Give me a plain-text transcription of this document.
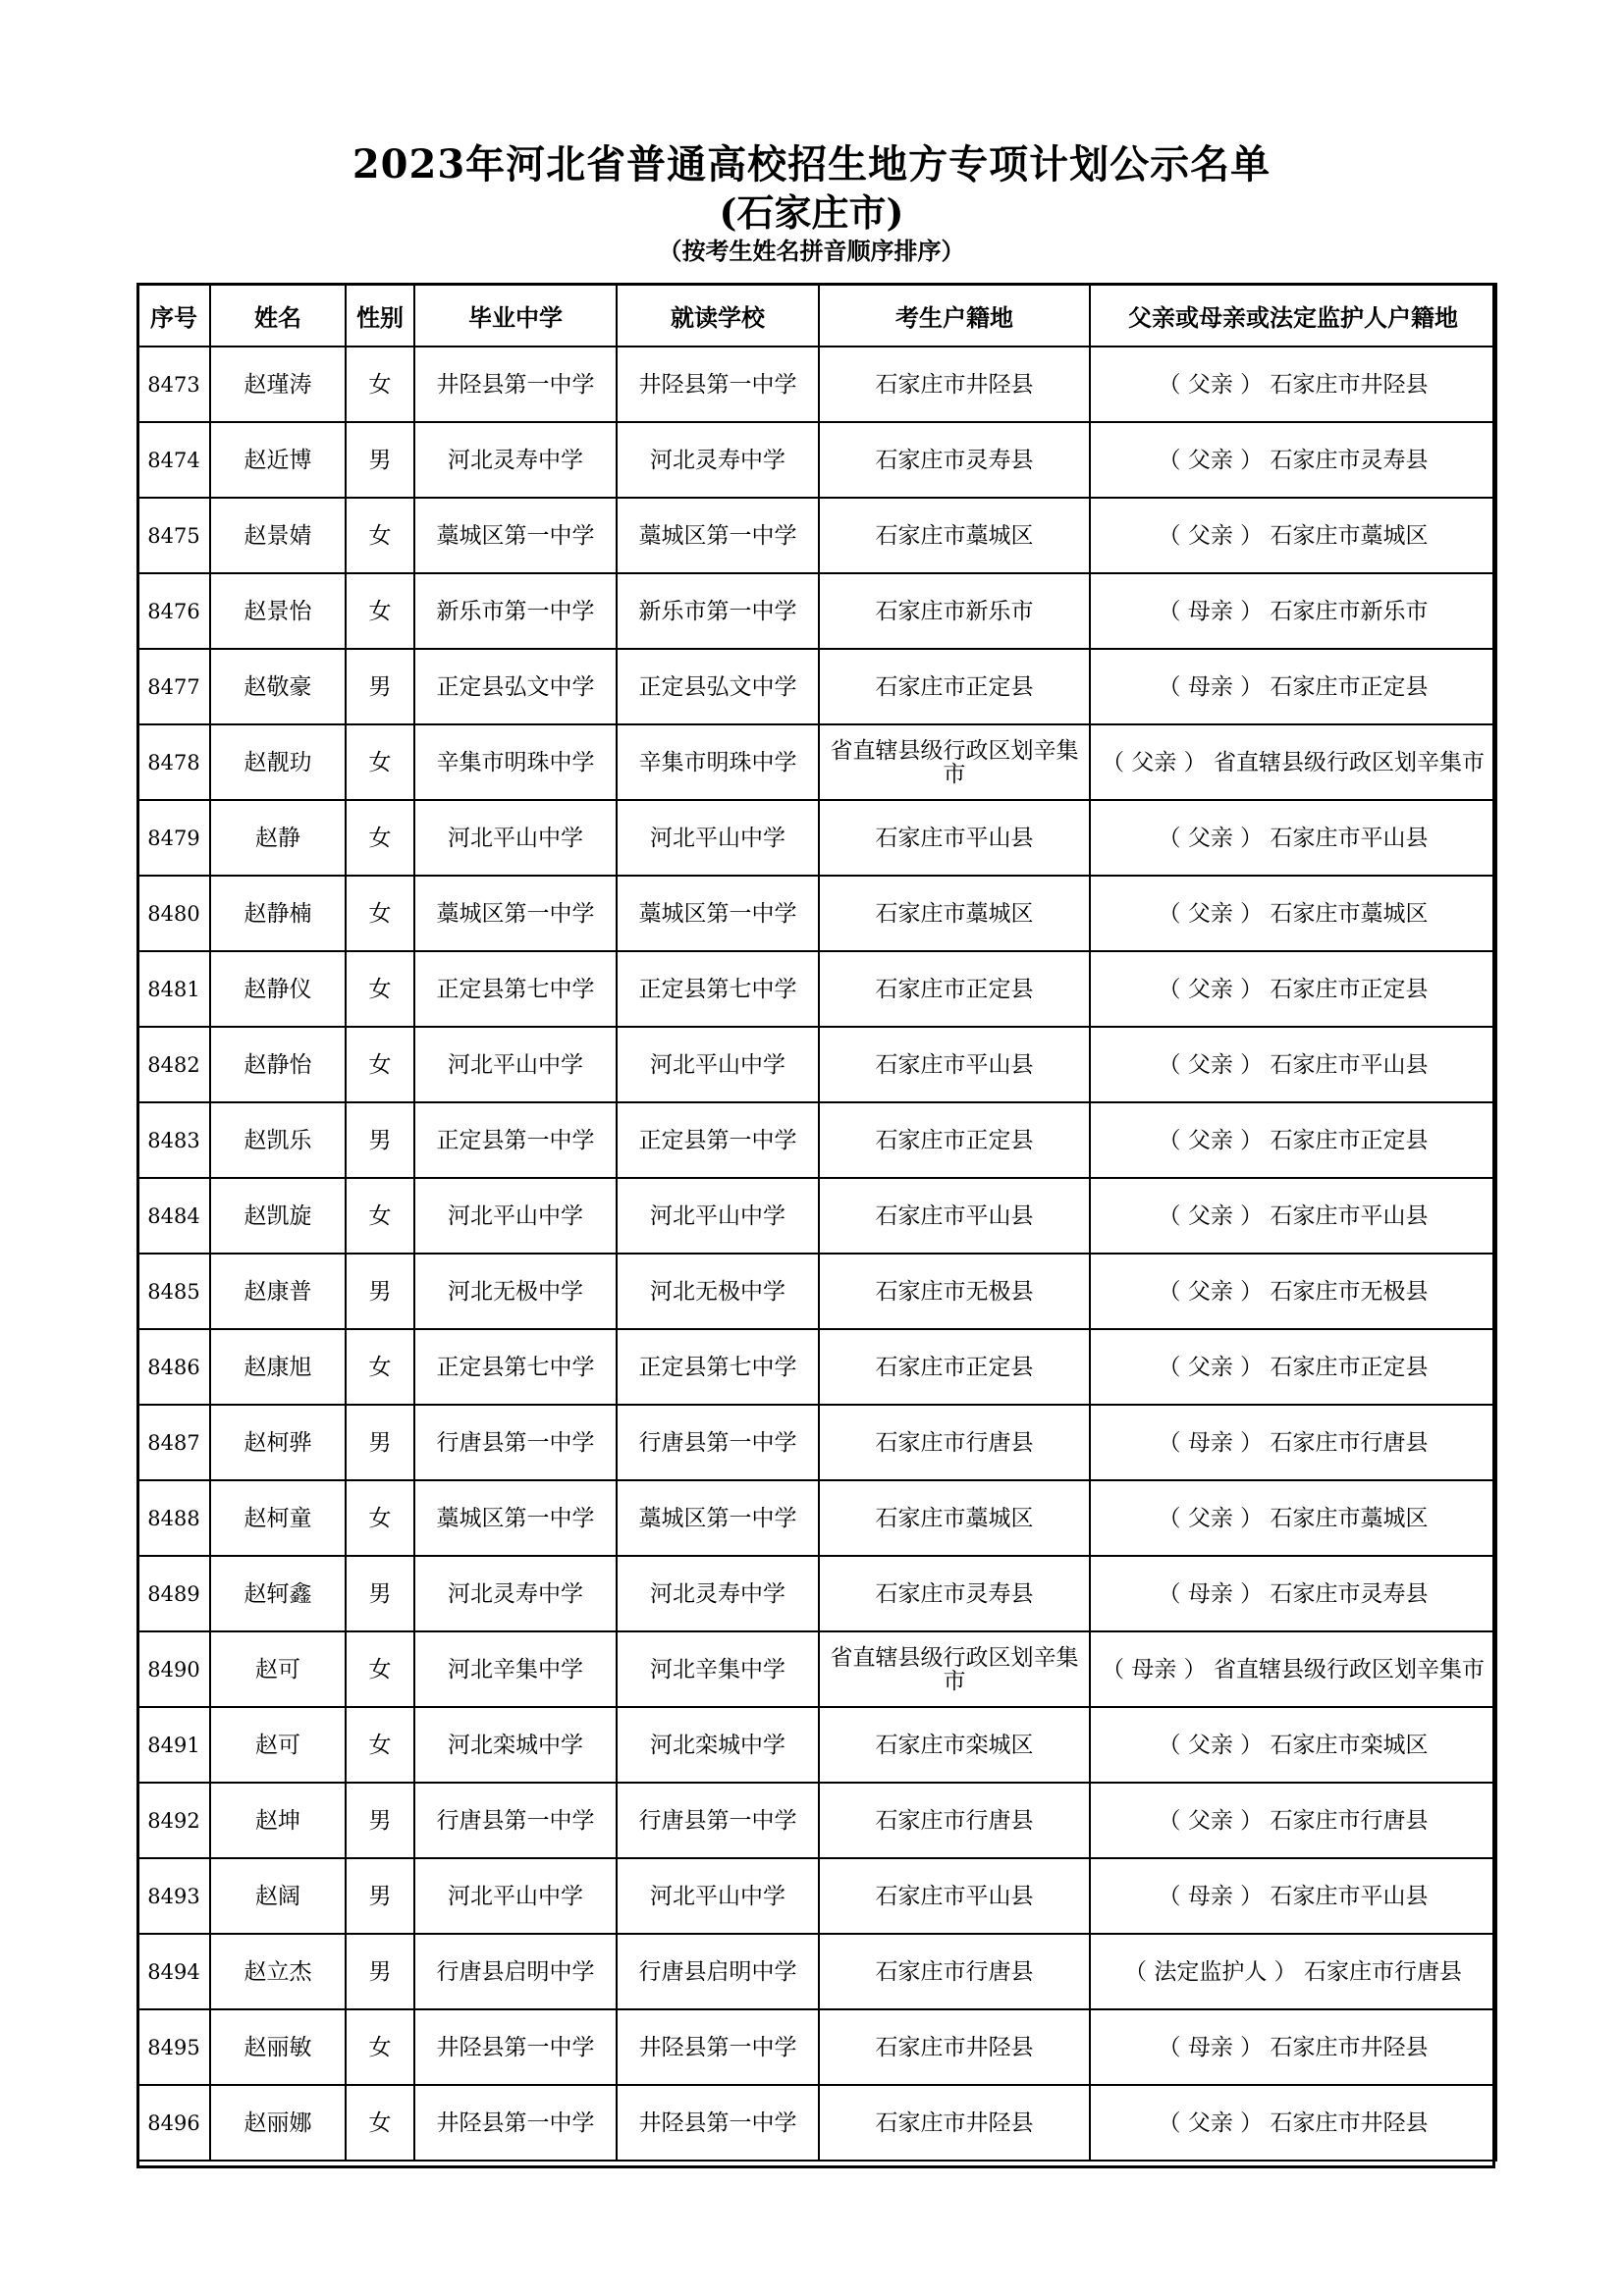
2023年河北省普通高校招生地方专项计划公示名单
(石家庄市)
（按考生姓名拼音顺序排序）
序号	姓名	性别	毕业中学	就读学校	考生户籍地	父亲或母亲或法定监护人户籍地
8473	赵瑾涛	女	井陉县第一中学	井陉县第一中学	石家庄市井陉县	（ 父亲 ） 石家庄市井陉县
8474	赵近博	男	河北灵寿中学	河北灵寿中学	石家庄市灵寿县	（ 父亲 ） 石家庄市灵寿县
8475	赵景婧	女	藁城区第一中学	藁城区第一中学	石家庄市藁城区	（ 父亲 ） 石家庄市藁城区
8476	赵景怡	女	新乐市第一中学	新乐市第一中学	石家庄市新乐市	（ 母亲 ） 石家庄市新乐市
8477	赵敬豪	男	正定县弘文中学	正定县弘文中学	石家庄市正定县	（ 母亲 ） 石家庄市正定县
8478	赵靓玏	女	辛集市明珠中学	辛集市明珠中学	省直辖县级行政区划辛集市	（ 父亲 ） 省直辖县级行政区划辛集市
8479	赵静	女	河北平山中学	河北平山中学	石家庄市平山县	（ 父亲 ） 石家庄市平山县
8480	赵静楠	女	藁城区第一中学	藁城区第一中学	石家庄市藁城区	（ 父亲 ） 石家庄市藁城区
8481	赵静仪	女	正定县第七中学	正定县第七中学	石家庄市正定县	（ 父亲 ） 石家庄市正定县
8482	赵静怡	女	河北平山中学	河北平山中学	石家庄市平山县	（ 父亲 ） 石家庄市平山县
8483	赵凯乐	男	正定县第一中学	正定县第一中学	石家庄市正定县	（ 父亲 ） 石家庄市正定县
8484	赵凯旋	女	河北平山中学	河北平山中学	石家庄市平山县	（ 父亲 ） 石家庄市平山县
8485	赵康普	男	河北无极中学	河北无极中学	石家庄市无极县	（ 父亲 ） 石家庄市无极县
8486	赵康旭	女	正定县第七中学	正定县第七中学	石家庄市正定县	（ 父亲 ） 石家庄市正定县
8487	赵柯骅	男	行唐县第一中学	行唐县第一中学	石家庄市行唐县	（ 母亲 ） 石家庄市行唐县
8488	赵柯童	女	藁城区第一中学	藁城区第一中学	石家庄市藁城区	（ 父亲 ） 石家庄市藁城区
8489	赵轲鑫	男	河北灵寿中学	河北灵寿中学	石家庄市灵寿县	（ 母亲 ） 石家庄市灵寿县
8490	赵可	女	河北辛集中学	河北辛集中学	省直辖县级行政区划辛集市	（ 母亲 ） 省直辖县级行政区划辛集市
8491	赵可	女	河北栾城中学	河北栾城中学	石家庄市栾城区	（ 父亲 ） 石家庄市栾城区
8492	赵坤	男	行唐县第一中学	行唐县第一中学	石家庄市行唐县	（ 父亲 ） 石家庄市行唐县
8493	赵阔	男	河北平山中学	河北平山中学	石家庄市平山县	（ 母亲 ） 石家庄市平山县
8494	赵立杰	男	行唐县启明中学	行唐县启明中学	石家庄市行唐县	（ 法定监护人 ） 石家庄市行唐县
8495	赵丽敏	女	井陉县第一中学	井陉县第一中学	石家庄市井陉县	（ 母亲 ） 石家庄市井陉县
8496	赵丽娜	女	井陉县第一中学	井陉县第一中学	石家庄市井陉县	（ 父亲 ） 石家庄市井陉县
